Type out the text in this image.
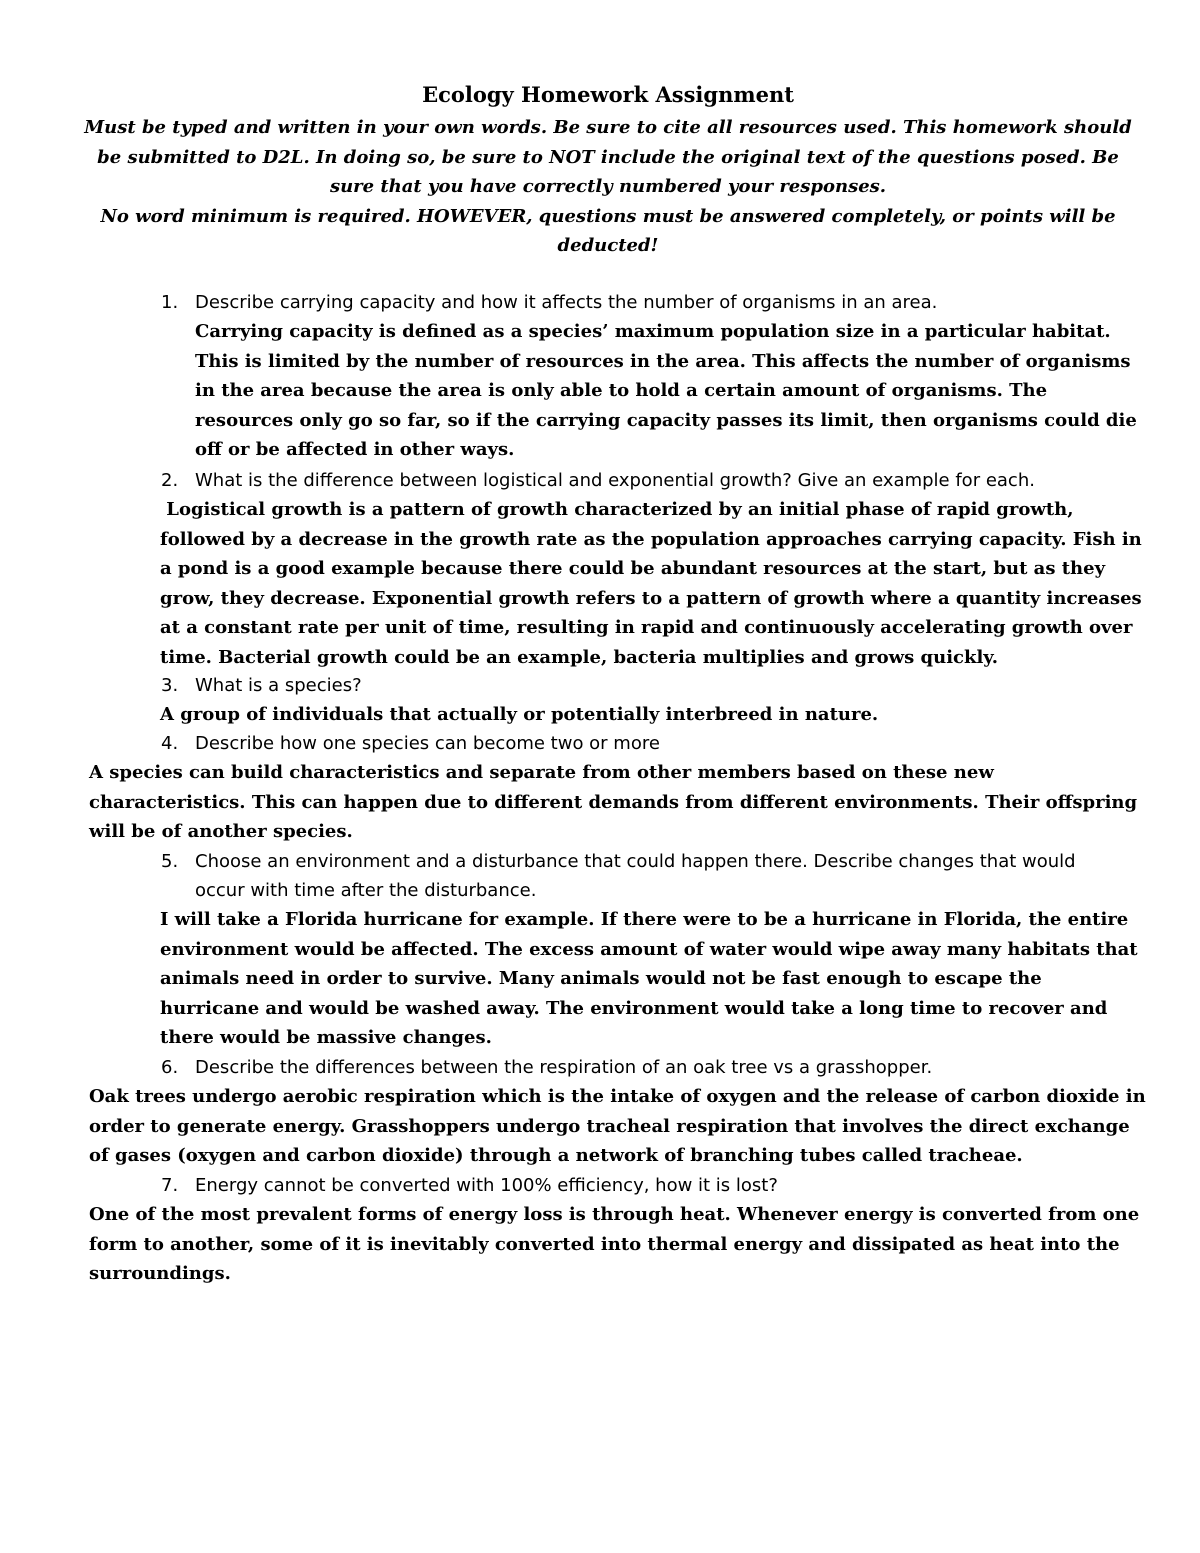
Ecology Homework Assignment

Must be typed and written in your own words. Be sure to cite all resources used. This homework should be submitted to D2L. In doing so, be sure to NOT include the original text of the questions posed. Be sure that you have correctly numbered your responses.

No word minimum is required. HOWEVER, questions must be answered completely, or points will be deducted!

1. Describe carrying capacity and how it affects the number of organisms in an area.

Carrying capacity is defined as a species’ maximum population size in a particular habitat. This is limited by the number of resources in the area. This affects the number of organisms in the area because the area is only able to hold a certain amount of organisms. The resources only go so far, so if the carrying capacity passes its limit, then organisms could die off or be affected in other ways.

2. What is the difference between logistical and exponential growth? Give an example for each.

Logistical growth is a pattern of growth characterized by an initial phase of rapid growth, followed by a decrease in the growth rate as the population approaches carrying capacity. Fish in a pond is a good example because there could be abundant resources at the start, but as they grow, they decrease. Exponential growth refers to a pattern of growth where a quantity increases at a constant rate per unit of time, resulting in rapid and continuously accelerating growth over time. Bacterial growth could be an example, bacteria multiplies and grows quickly.

3. What is a species?

A group of individuals that actually or potentially interbreed in nature.

4. Describe how one species can become two or more

A species can build characteristics and separate from other members based on these new characteristics. This can happen due to different demands from different environments. Their offspring will be of another species.

5. Choose an environment and a disturbance that could happen there. Describe changes that would occur with time after the disturbance.

I will take a Florida hurricane for example. If there were to be a hurricane in Florida, the entire environment would be affected. The excess amount of water would wipe away many habitats that animals need in order to survive. Many animals would not be fast enough to escape the hurricane and would be washed away. The environment would take a long time to recover and there would be massive changes.

6. Describe the differences between the respiration of an oak tree vs a grasshopper.

Oak trees undergo aerobic respiration which is the intake of oxygen and the release of carbon dioxide in order to generate energy. Grasshoppers undergo tracheal respiration that involves the direct exchange of gases (oxygen and carbon dioxide) through a network of branching tubes called tracheae.

7. Energy cannot be converted with 100% efficiency, how it is lost?

One of the most prevalent forms of energy loss is through heat. Whenever energy is converted from one form to another, some of it is inevitably converted into thermal energy and dissipated as heat into the surroundings.
